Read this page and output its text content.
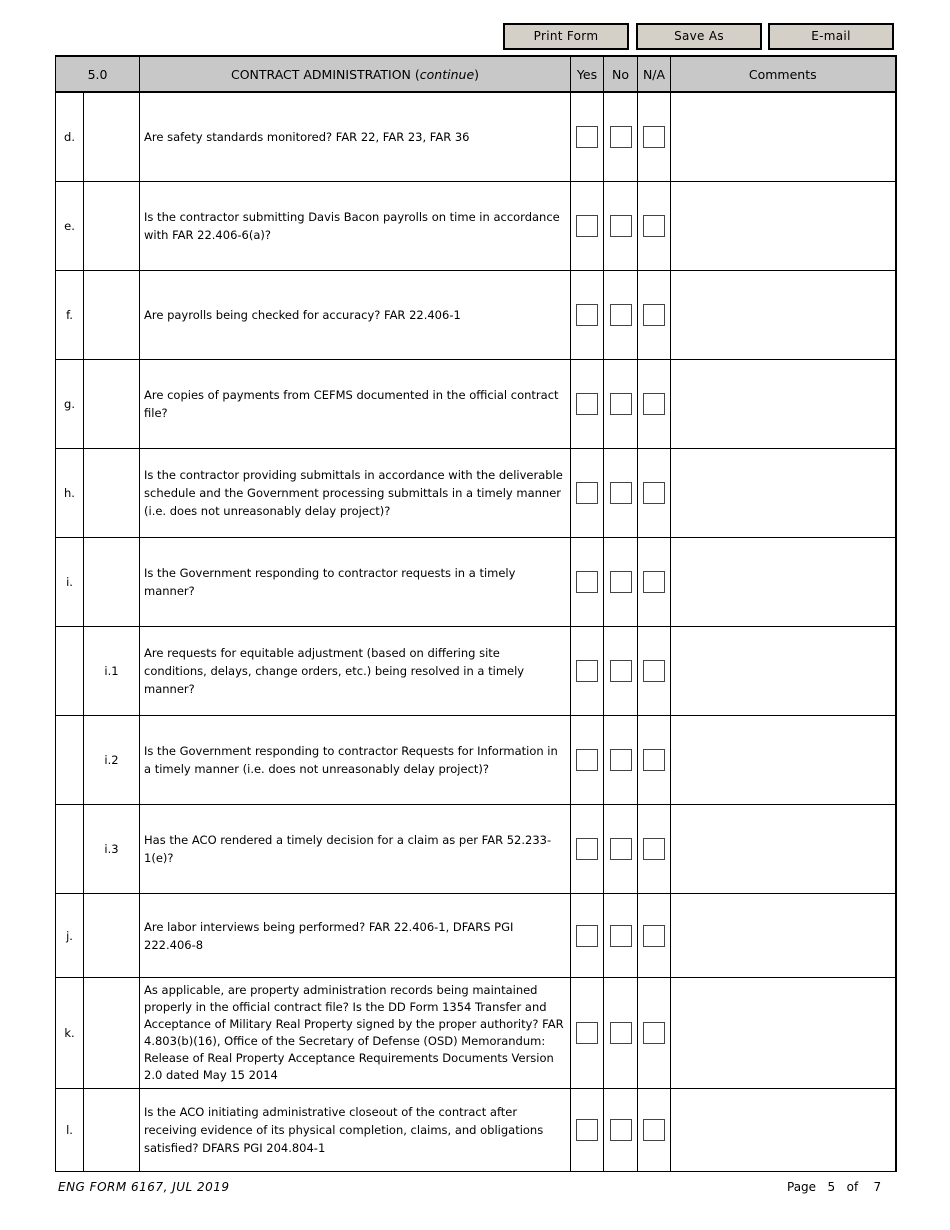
Print Form	Save As	E-mail
5.0		CONTRACT ADMINISTRATION (continue)	Yes	No	N/A	Comments
d.		Are safety standards monitored? FAR 22, FAR 23, FAR 36				
e.		Is the contractor submitting Davis Bacon payrolls on time in accordance with FAR 22.406-6(a)?				
f.		Are payrolls being checked for accuracy? FAR 22.406-1				
g.		Are copies of payments from CEFMS documented in the official contract file?				
h.		Is the contractor providing submittals in accordance with the deliverable schedule and the Government processing submittals in a timely manner (i.e. does not unreasonably delay project)?				
i.		Is the Government responding to contractor requests in a timely manner?				
	i.1	Are requests for equitable adjustment (based on differing site conditions, delays, change orders, etc.) being resolved in a timely manner?				
	i.2	Is the Government responding to contractor Requests for Information in a timely manner (i.e. does not unreasonably delay project)?				
	i.3	Has the ACO rendered a timely decision for a claim as per FAR 52.233-1(e)?				
j.		Are labor interviews being performed? FAR 22.406-1, DFARS PGI 222.406-8				
k.		As applicable, are property administration records being maintained properly in the official contract file? Is the DD Form 1354 Transfer and Acceptance of Military Real Property signed by the proper authority? FAR 4.803(b)(16), Office of the Secretary of Defense (OSD) Memorandum: Release of Real Property Acceptance Requirements Documents Version 2.0 dated May 15 2014				
l.		Is the ACO initiating administrative closeout of the contract after receiving evidence of its physical completion, claims, and obligations satisfied? DFARS PGI 204.804-1				
ENG FORM 6167, JUL 2019	Page 5 of 7
